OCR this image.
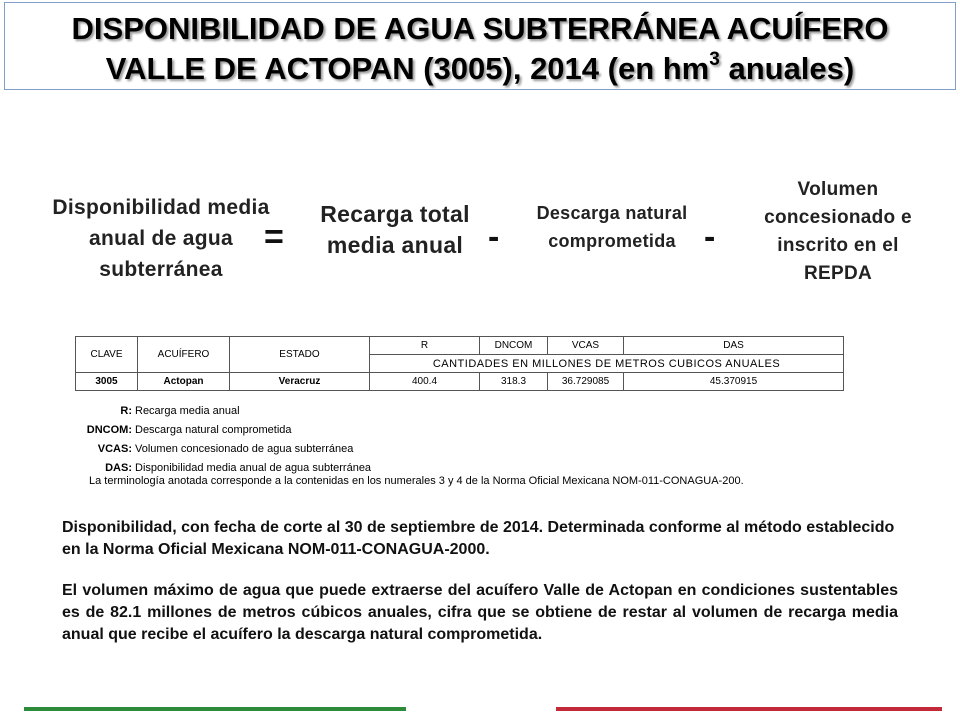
DISPONIBILIDAD DE AGUA SUBTERRÁNEA ACUÍFERO
VALLE DE ACTOPAN (3005), 2014 (en $hm^3$ anuales)
Disponibilidad media anual de agua subterránea
=
Recarga total media anual -
Descarga natural comprometida -
Volumen concesionado e inscrito en el REPDA
CLAVE	ACUÍFERO	ESTADO	R	DNCOM	VCAS	DAS
			CANTIDADES EN MILLONES DE METROS CUBICOS ANUALES			
3005	Actopan	Veracruz	400.4	318.3	36.729085	45.370915
R: Recarga media anual
DNCOM: Descarga natural comprometida
VCAS: Volumen concesionado de agua subterránea
DAS: Disponibilidad media anual de agua subterránea
La terminología anotada corresponde a la contenidas en los numerales 3 y 4 de la Norma Oficial Mexicana NOM-011-CONAGUA-200.
Disponibilidad, con fecha de corte al 30 de septiembre de 2014. Determinada conforme al método establecido en la Norma Oficial Mexicana NOM-011-CONAGUA-2000.
El volumen máximo de agua que puede extraerse del acuífero Valle de Actopan en condiciones sustentables es de 82.1 millones de metros cúbicos anuales, cifra que se obtiene de restar al volumen de recarga media anual que recibe el acuífero la descarga natural comprometida.
